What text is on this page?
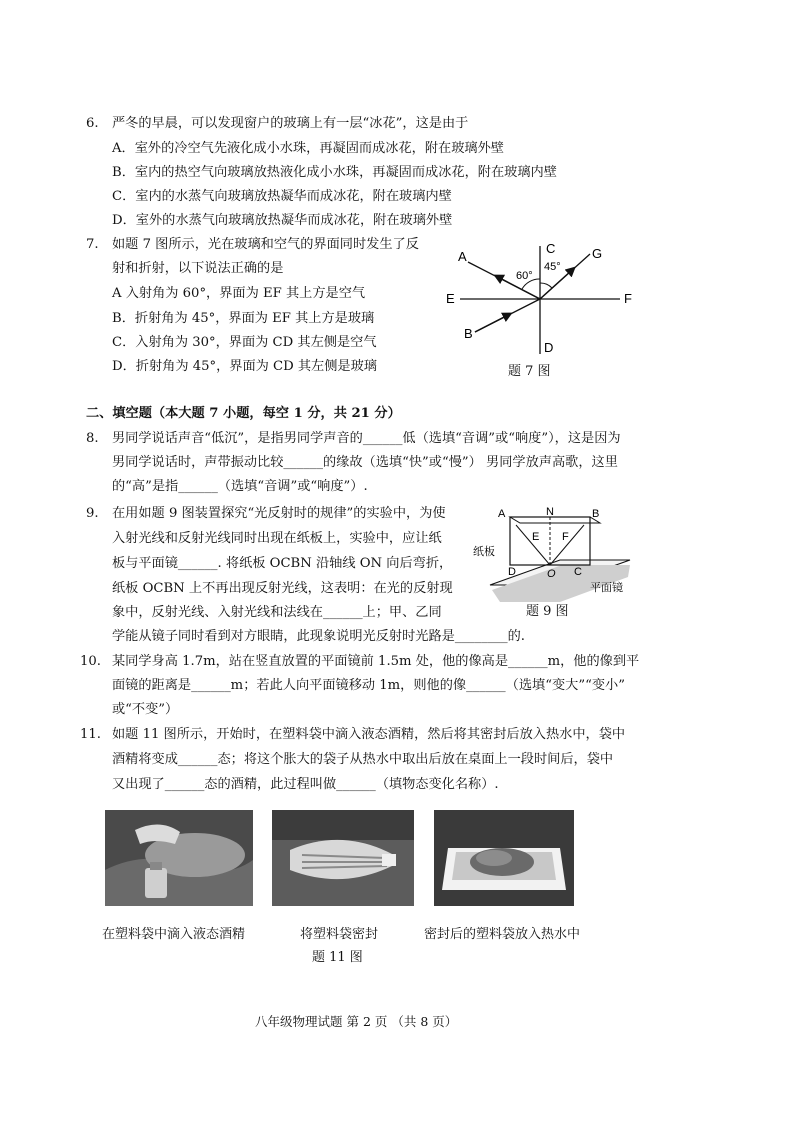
6. 严冬的早晨，可以发现窗户的玻璃上有一层“冰花”，这是由于
A．室外的冷空气先液化成小水珠，再凝固而成冰花，附在玻璃外壁
B．室内的热空气向玻璃放热液化成小水珠，再凝固而成冰花，附在玻璃内壁
C．室内的水蒸气向玻璃放热凝华而成冰花，附在玻璃内壁
D．室外的水蒸气向玻璃放热凝华而成冰花，附在玻璃外壁
7. 如题 7 图所示，光在玻璃和空气的界面同时发生了反
射和折射，以下说法正确的是
A 入射角为 60°，界面为 EF 其上方是空气
B．折射角为 45°，界面为 EF 其上方是玻璃
C．入射角为 30°，界面为 CD 其左侧是空气
D．折射角为 45°，界面为 CD 其左侧是玻璃
C
D
E	F
A
B
G
60°
45°
题 7 图
二、填空题（本大题 7 小题，每空 1 分，共 21 分）
8. 男同学说话声音“低沉”，是指男同学声音的______低（选填“音调”或“响度”），这是因为
男同学说话时，声带振动比较______的缘故（选填“快”或“慢”） 男同学放声高歌，这里
的“高”是指______（选填“音调”或“响度”）.
9. 在用如题 9 图装置探究“光反射时的规律”的实验中，为使
入射光线和反射光线同时出现在纸板上，实验中，应让纸
板与平面镜______. 将纸板 OCBN 沿轴线 ON 向后弯折，
纸板 OCBN 上不再出现反射光线，这表明：在光的反射现
象中，反射光线、入射光线和法线在______上；甲、乙同
学能从镜子同时看到对方眼睛，此现象说明光反射时光路是________的.
A	N	B
E F
D	O C
纸板
平面镜
题 9 图
10. 某同学身高 1.7m，站在竖直放置的平面镜前 1.5m 处，他的像高是______m，他的像到平
面镜的距离是______m；若此人向平面镜移动 1m，则他的像______（选填“变大”“变小”
或“不变”）
11. 如题 11 图所示，开始时，在塑料袋中滴入液态酒精，然后将其密封后放入热水中，袋中
酒精将变成______态；将这个胀大的袋子从热水中取出后放在桌面上一段时间后，袋中
又出现了______态的酒精，此过程叫做______（填物态变化名称）.
在塑料袋中滴入液态酒精	将塑料袋密封	密封后的塑料袋放入热水中
题 11 图
八年级物理试题 第 2 页 （共 8 页）
